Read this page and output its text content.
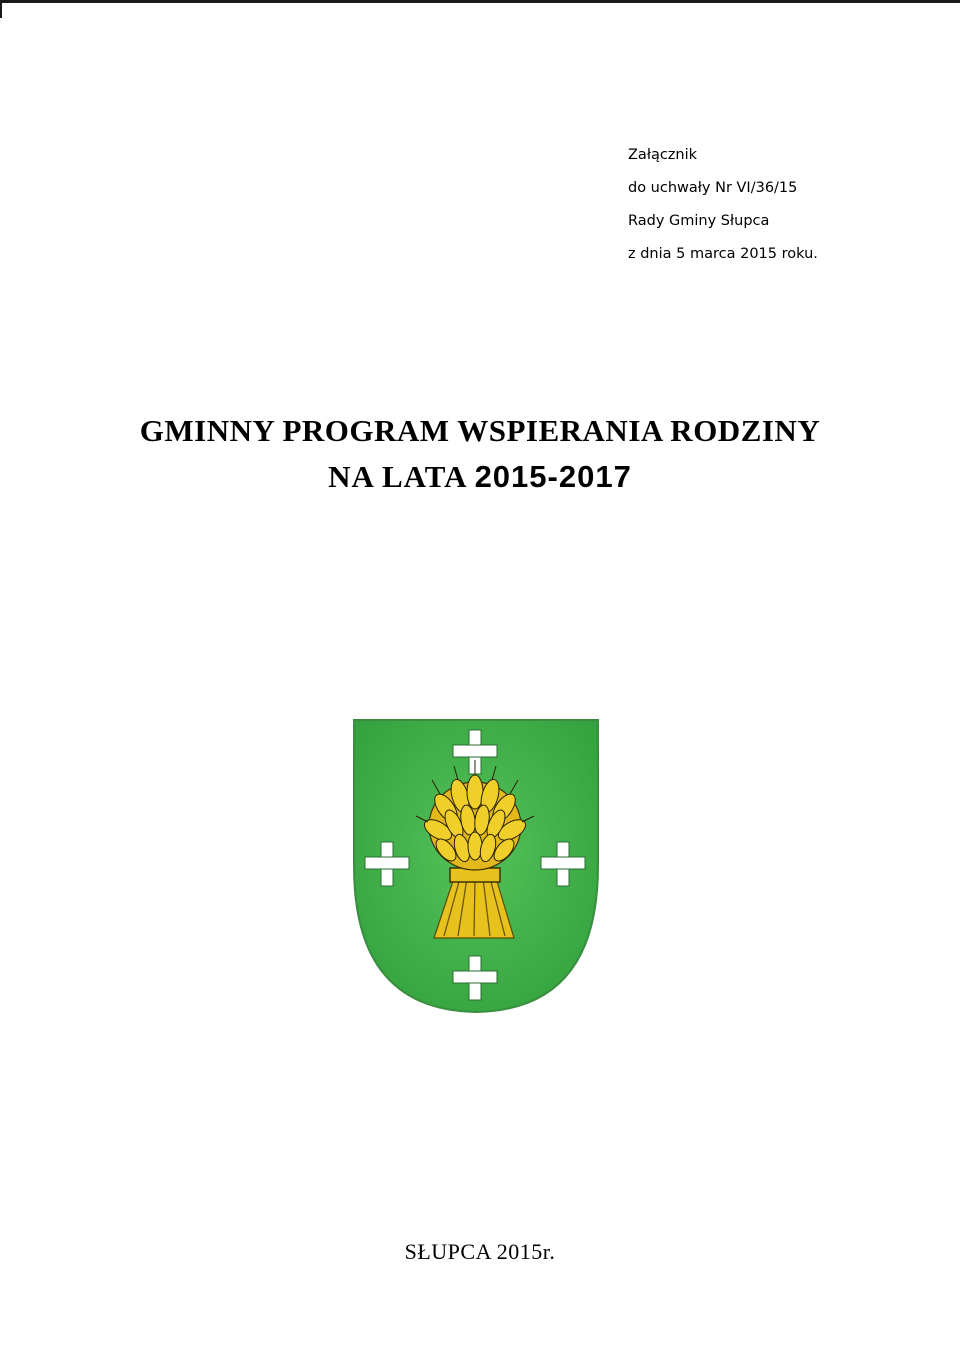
Załącznik
do uchwały Nr VI/36/15
Rady Gminy Słupca
z dnia 5 marca 2015 roku.
GMINNY PROGRAM WSPIERANIA RODZINY
NA LATA 2015-2017
SŁUPCA 2015r.
